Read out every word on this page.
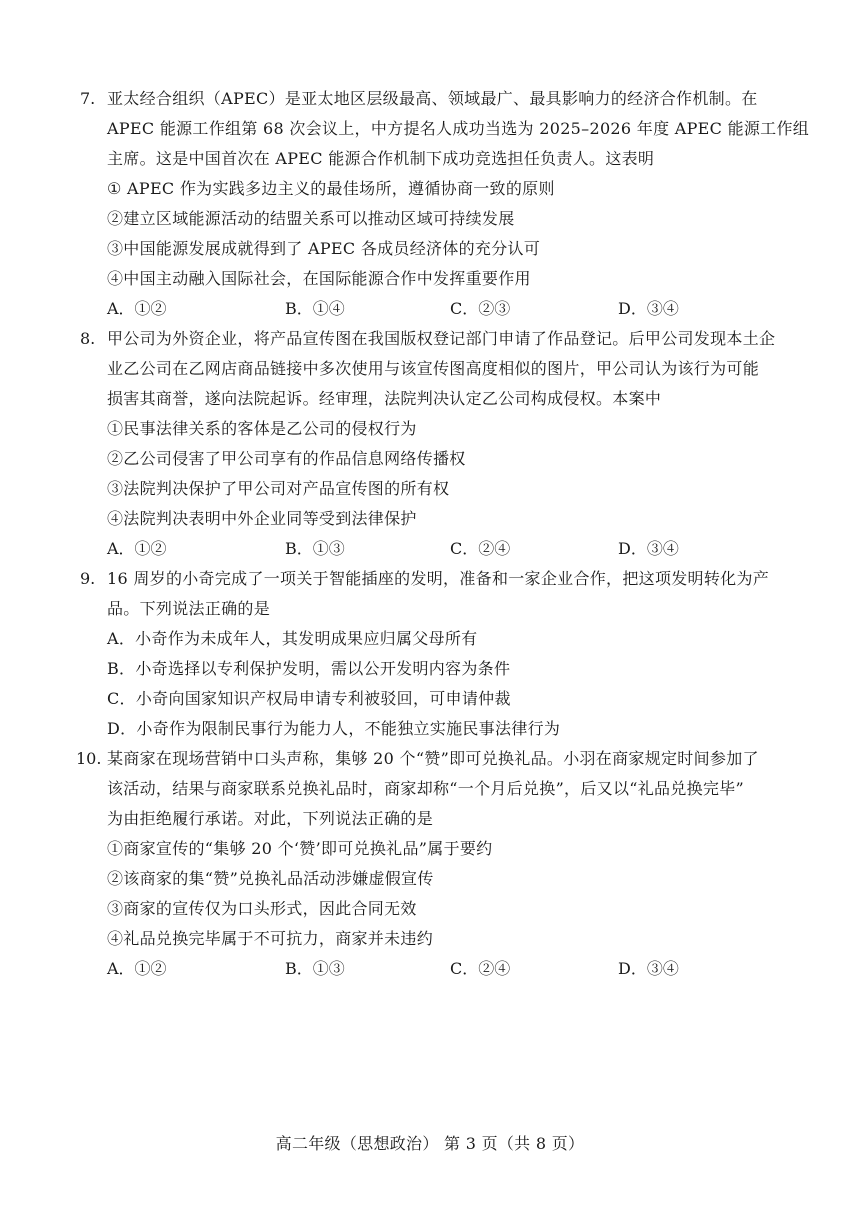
7. 亚太经合组织（APEC）是亚太地区层级最高、领域最广、最具影响力的经济合作机制。在
APEC 能源工作组第 68 次会议上，中方提名人成功当选为 2025–2026 年度 APEC 能源工作组
主席。这是中国首次在 APEC 能源合作机制下成功竞选担任负责人。这表明
① APEC 作为实践多边主义的最佳场所，遵循协商一致的原则
②建立区域能源活动的结盟关系可以推动区域可持续发展
③中国能源发展成就得到了 APEC 各成员经济体的充分认可
④中国主动融入国际社会，在国际能源合作中发挥重要作用
A．①②	B．①④	C．②③	D．③④
8. 甲公司为外资企业，将产品宣传图在我国版权登记部门申请了作品登记。后甲公司发现本土企
业乙公司在乙网店商品链接中多次使用与该宣传图高度相似的图片，甲公司认为该行为可能
损害其商誉，遂向法院起诉。经审理，法院判决认定乙公司构成侵权。本案中
①民事法律关系的客体是乙公司的侵权行为
②乙公司侵害了甲公司享有的作品信息网络传播权
③法院判决保护了甲公司对产品宣传图的所有权
④法院判决表明中外企业同等受到法律保护
A．①②	B．①③	C．②④	D．③④
9. 16 周岁的小奇完成了一项关于智能插座的发明，准备和一家企业合作，把这项发明转化为产
品。下列说法正确的是
A．小奇作为未成年人，其发明成果应归属父母所有
B．小奇选择以专利保护发明，需以公开发明内容为条件
C．小奇向国家知识产权局申请专利被驳回，可申请仲裁
D．小奇作为限制民事行为能力人，不能独立实施民事法律行为
10. 某商家在现场营销中口头声称，集够 20 个“赞”即可兑换礼品。小羽在商家规定时间参加了
该活动，结果与商家联系兑换礼品时，商家却称“一个月后兑换”，后又以“礼品兑换完毕”
为由拒绝履行承诺。对此，下列说法正确的是
①商家宣传的“集够 20 个‘赞’即可兑换礼品”属于要约
②该商家的集“赞”兑换礼品活动涉嫌虚假宣传
③商家的宣传仅为口头形式，因此合同无效
④礼品兑换完毕属于不可抗力，商家并未违约
A．①②	B．①③	C．②④	D．③④
高二年级（思想政治） 第 3 页（共 8 页）
